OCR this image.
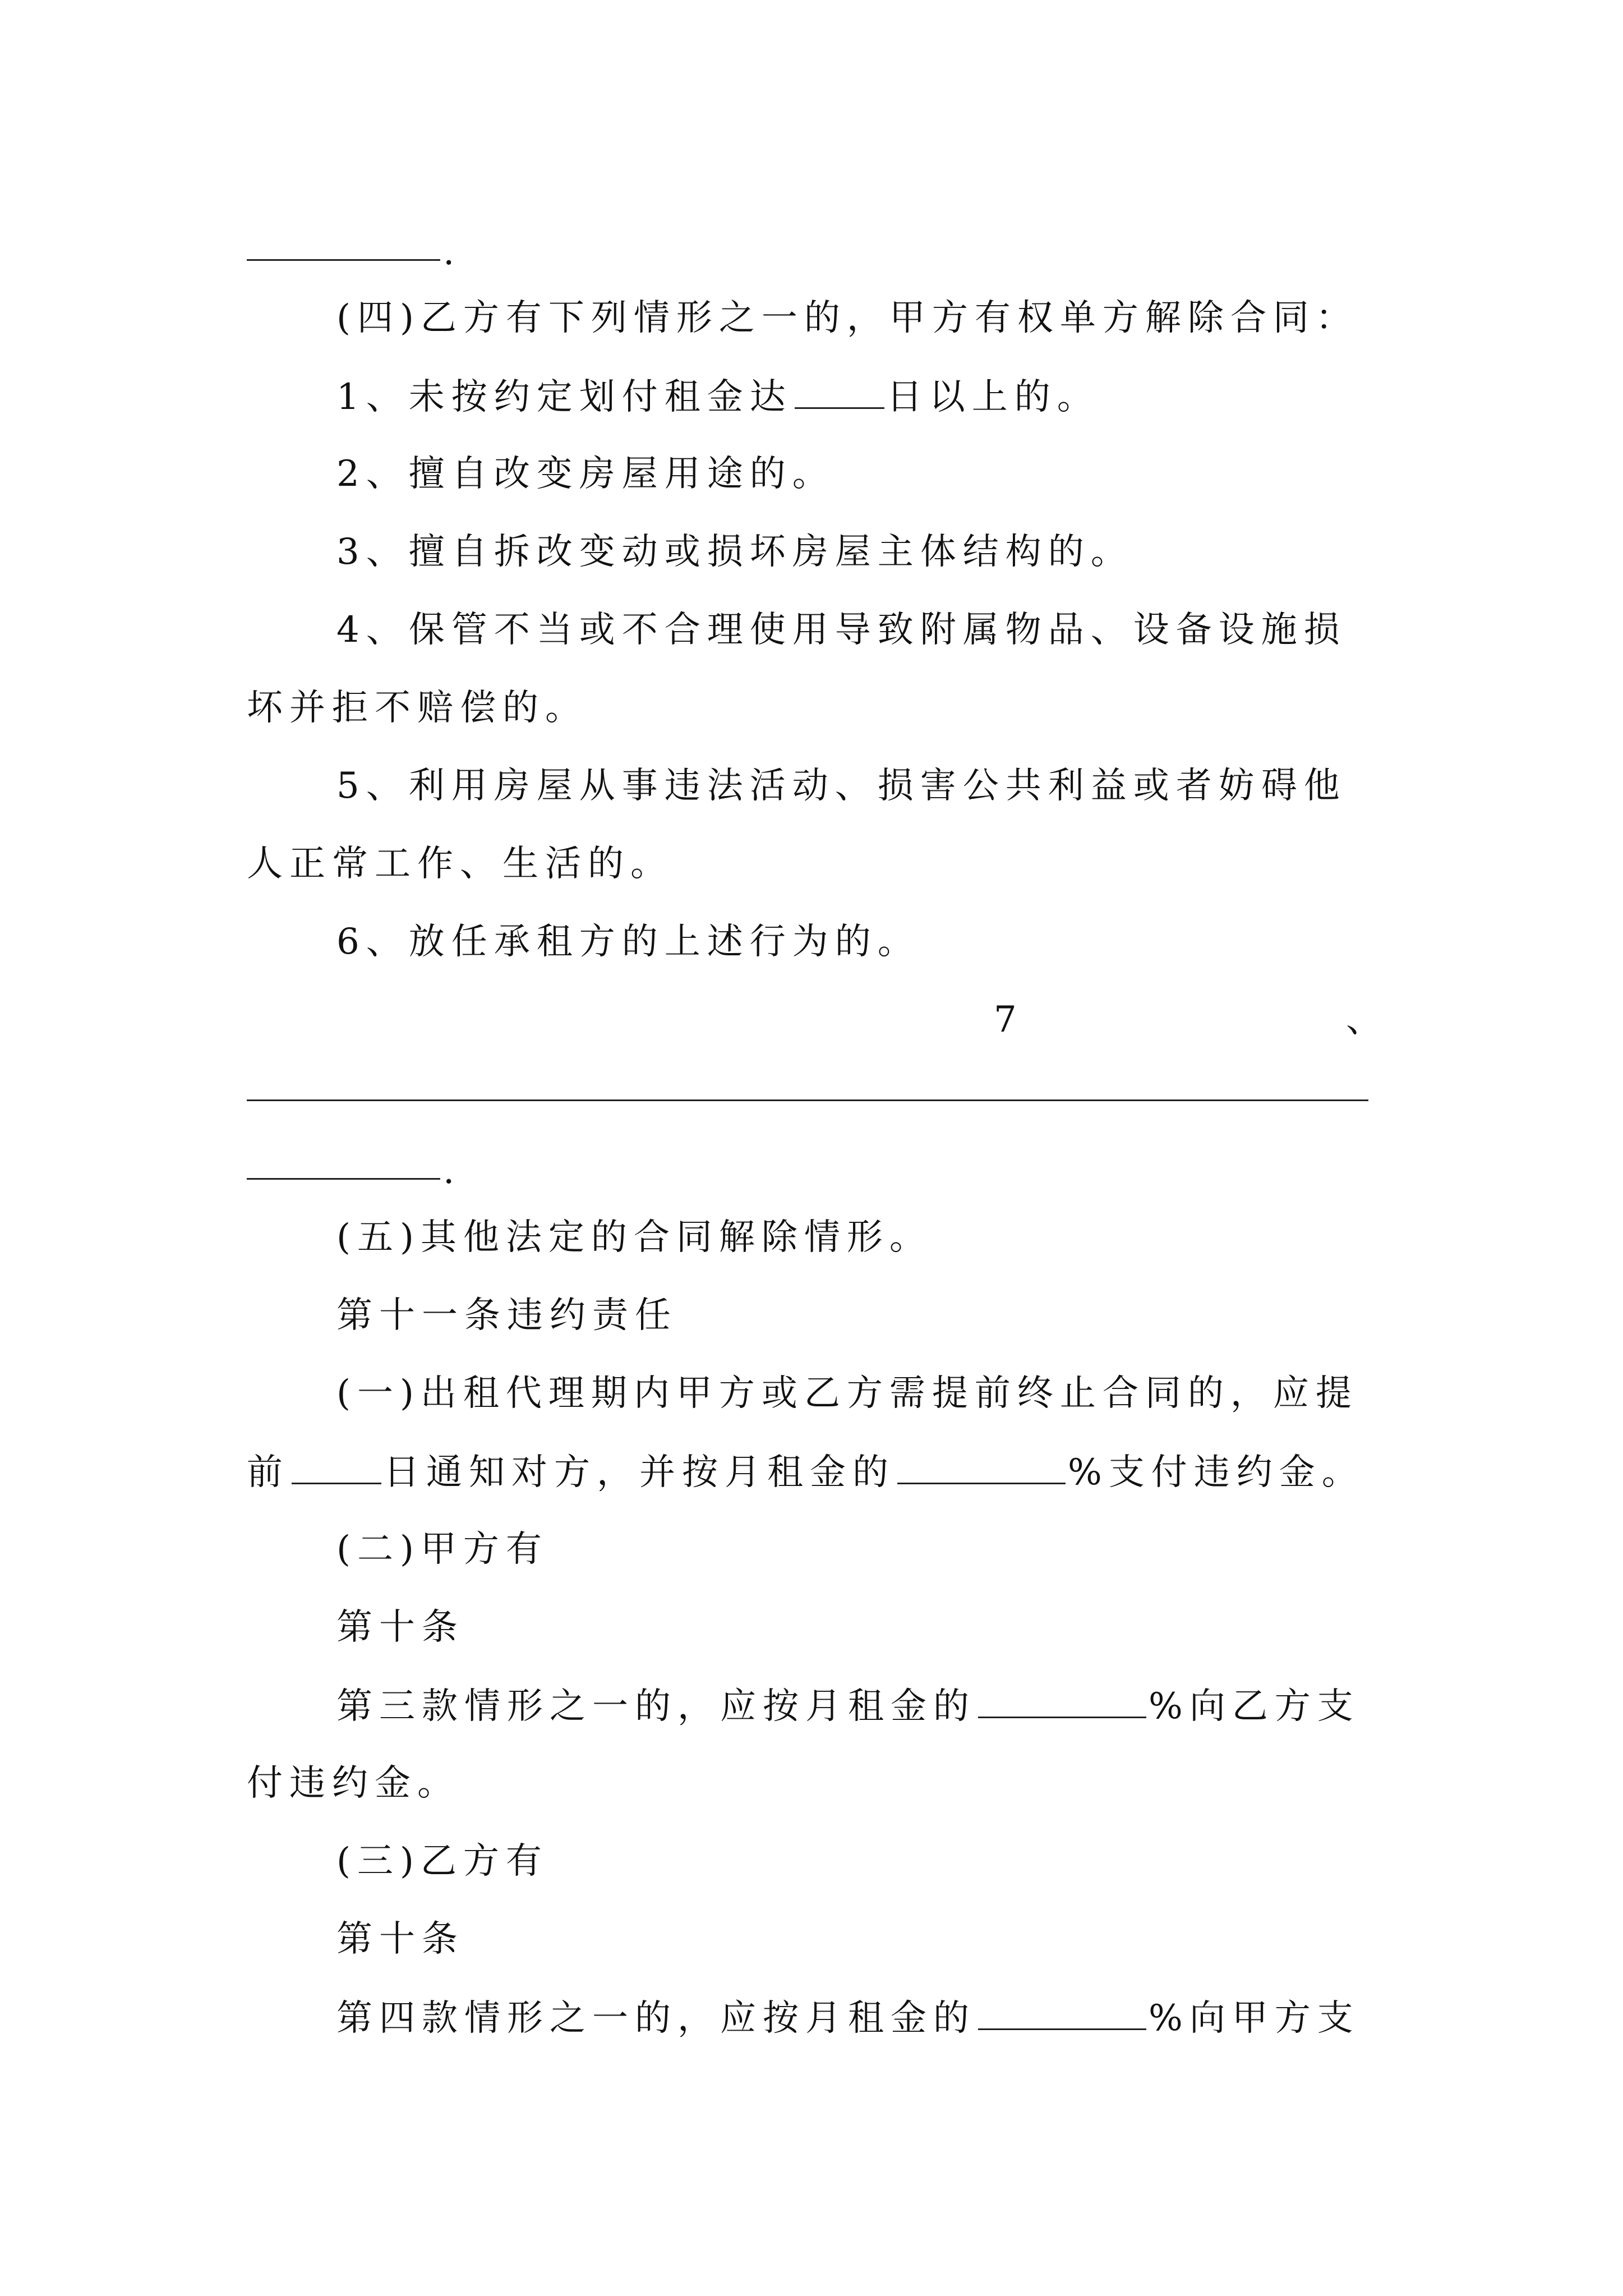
.
(四)乙方有下列情形之一的，甲方有权单方解除合同：
1、未按约定划付租金达	日以上的。
2、擅自改变房屋用途的。
3、擅自拆改变动或损坏房屋主体结构的。
4、保管不当或不合理使用导致附属物品、设备设施损
坏并拒不赔偿的。
5、利用房屋从事违法活动、损害公共利益或者妨碍他
人正常工作、生活的。
6、放任承租方的上述行为的。
7	、
.
(五)其他法定的合同解除情形。
第十一条违约责任
(一)出租代理期内甲方或乙方需提前终止合同的，应提
前	日通知对方，并按月租金的	%支付违约金。
(二)甲方有
第十条
第三款情形之一的，应按月租金的	%向乙方支
付违约金。
(三)乙方有
第十条
第四款情形之一的，应按月租金的	%向甲方支
